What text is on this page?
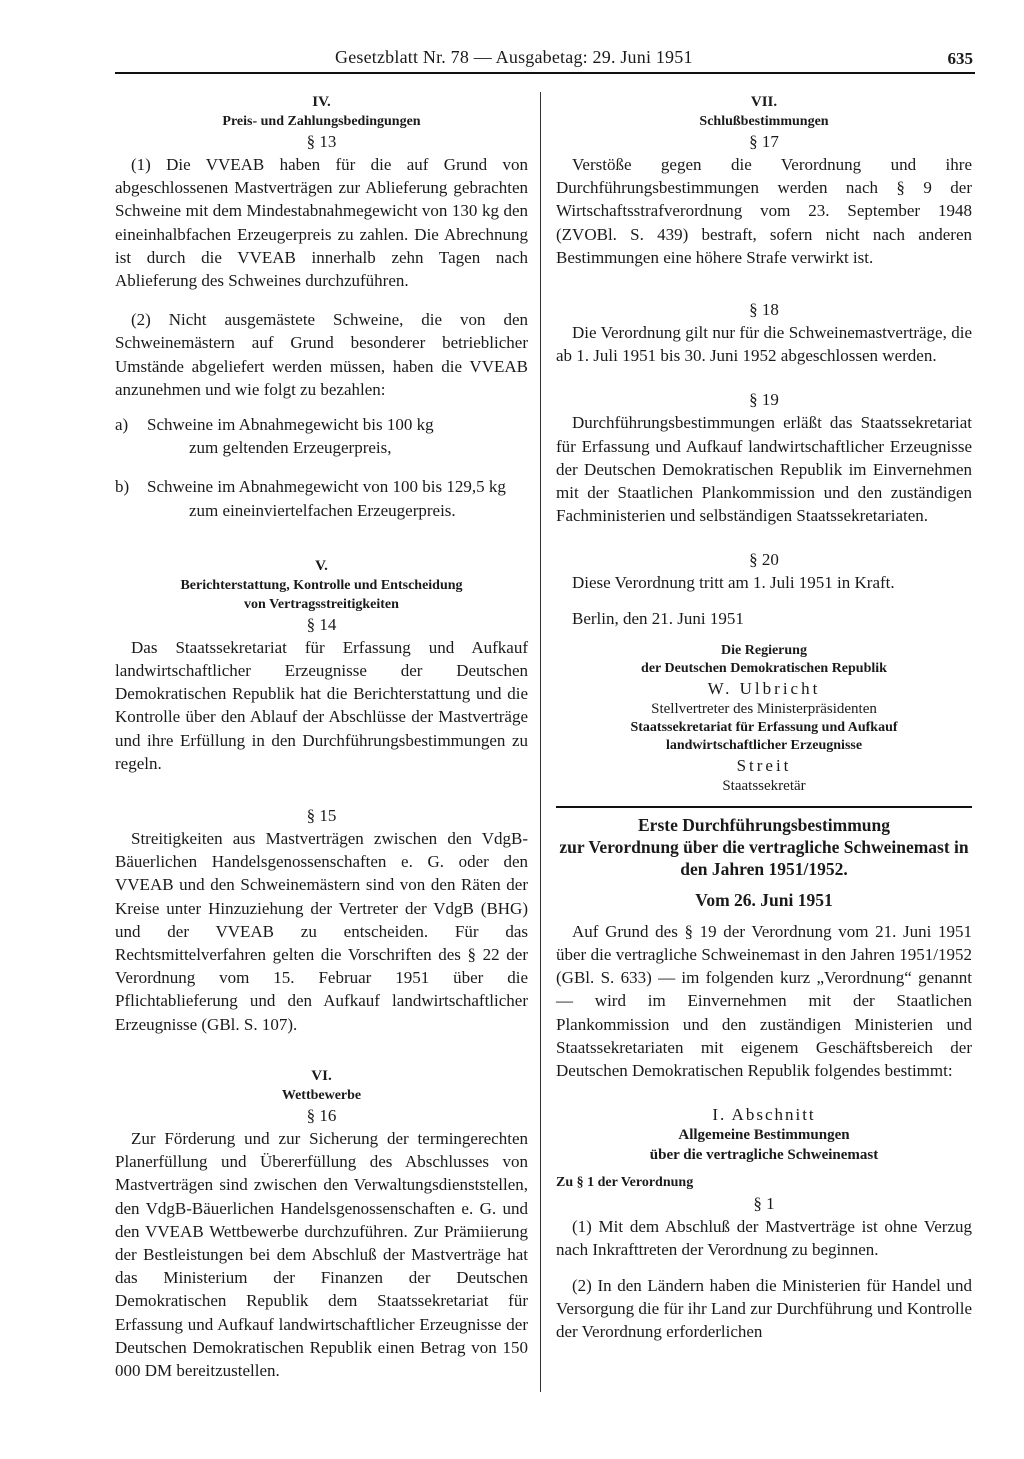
Gesetzblatt Nr. 78 — Ausgabetag: 29. Juni 1951	635
IV.
Preis- und Zahlungsbedingungen
§ 13

(1) Die VVEAB haben für die auf Grund von abgeschlossenen Mastverträgen zur Ablieferung gebrachten Schweine mit dem Mindestabnahmegewicht von 130 kg den eineinhalbfachen Erzeugerpreis zu zahlen. Die Abrechnung ist durch die VVEAB innerhalb zehn Tagen nach Ablieferung des Schweines durchzuführen.

(2) Nicht ausgemästete Schweine, die von den Schweinemästern auf Grund besonderer betrieblicher Umstände abgeliefert werden müssen, haben die VVEAB anzunehmen und wie folgt zu bezahlen:

a)	Schweine im Abnahmegewicht bis 100 kg
zum geltenden Erzeugerpreis,
b)	Schweine im Abnahmegewicht von 100 bis 129,5 kg
zum eineinviertelfachen Erzeugerpreis.
V.
Berichterstattung, Kontrolle und Entscheidung
von Vertragsstreitigkeiten
§ 14

Das Staatssekretariat für Erfassung und Aufkauf landwirtschaftlicher Erzeugnisse der Deutschen Demokratischen Republik hat die Berichterstattung und die Kontrolle über den Ablauf der Abschlüsse der Mastverträge und ihre Erfüllung in den Durchführungsbestimmungen zu regeln.

§ 15

Streitigkeiten aus Mastverträgen zwischen den VdgB-Bäuerlichen Handelsgenossenschaften e. G. oder den VVEAB und den Schweinemästern sind von den Räten der Kreise unter Hinzuziehung der Vertreter der VdgB (BHG) und der VVEAB zu entscheiden. Für das Rechtsmittelverfahren gelten die Vorschriften des § 22 der Verordnung vom 15. Februar 1951 über die Pflichtablieferung und den Aufkauf landwirtschaftlicher Erzeugnisse (GBl. S. 107).

VI.
Wettbewerbe
§ 16

Zur Förderung und zur Sicherung der termingerechten Planerfüllung und Übererfüllung des Abschlusses von Mastverträgen sind zwischen den Verwaltungsdienststellen, den VdgB-Bäuerlichen Handelsgenossenschaften e. G. und den VVEAB Wettbewerbe durchzuführen. Zur Prämiierung der Bestleistungen bei dem Abschluß der Mastverträge hat das Ministerium der Finanzen der Deutschen Demokratischen Republik dem Staatssekretariat für Erfassung und Aufkauf landwirtschaftlicher Erzeugnisse der Deutschen Demokratischen Republik einen Betrag von 150 000 DM bereitzustellen.

VII.
Schlußbestimmungen
§ 17

Verstöße gegen die Verordnung und ihre Durchführungsbestimmungen werden nach § 9 der Wirtschaftsstrafverordnung vom 23. September 1948 (ZVOBl. S. 439) bestraft, sofern nicht nach anderen Bestimmungen eine höhere Strafe verwirkt ist.

§ 18

Die Verordnung gilt nur für die Schweinemastverträge, die ab 1. Juli 1951 bis 30. Juni 1952 abgeschlossen werden.

§ 19

Durchführungsbestimmungen erläßt das Staatssekretariat für Erfassung und Aufkauf landwirtschaftlicher Erzeugnisse der Deutschen Demokratischen Republik im Einvernehmen mit der Staatlichen Plankommission und den zuständigen Fachministerien und selbständigen Staatssekretariaten.

§ 20

Diese Verordnung tritt am 1. Juli 1951 in Kraft.

Berlin, den 21. Juni 1951

Die Regierung
der Deutschen Demokratischen Republik
W. Ulbricht
Stellvertreter des Ministerpräsidenten
Staatssekretariat für Erfassung und Aufkauf
landwirtschaftlicher Erzeugnisse
Streit
Staatssekretär
Erste Durchführungsbestimmung
zur Verordnung über die vertragliche Schweinemast in den Jahren 1951/1952.
Vom 26. Juni 1951

Auf Grund des § 19 der Verordnung vom 21. Juni 1951 über die vertragliche Schweinemast in den Jahren 1951/1952 (GBl. S. 633) — im folgenden kurz „Verordnung“ genannt — wird im Einvernehmen mit der Staatlichen Plankommission und den zuständigen Ministerien und Staatssekretariaten mit eigenem Geschäftsbereich der Deutschen Demokratischen Republik folgendes bestimmt:

I. Abschnitt
Allgemeine Bestimmungen
über die vertragliche Schweinemast
Zu § 1 der Verordnung
§ 1

(1) Mit dem Abschluß der Mastverträge ist ohne Verzug nach Inkrafttreten der Verordnung zu beginnen.

(2) In den Ländern haben die Ministerien für Handel und Versorgung die für ihr Land zur Durchführung und Kontrolle der Verordnung erforderlichen
